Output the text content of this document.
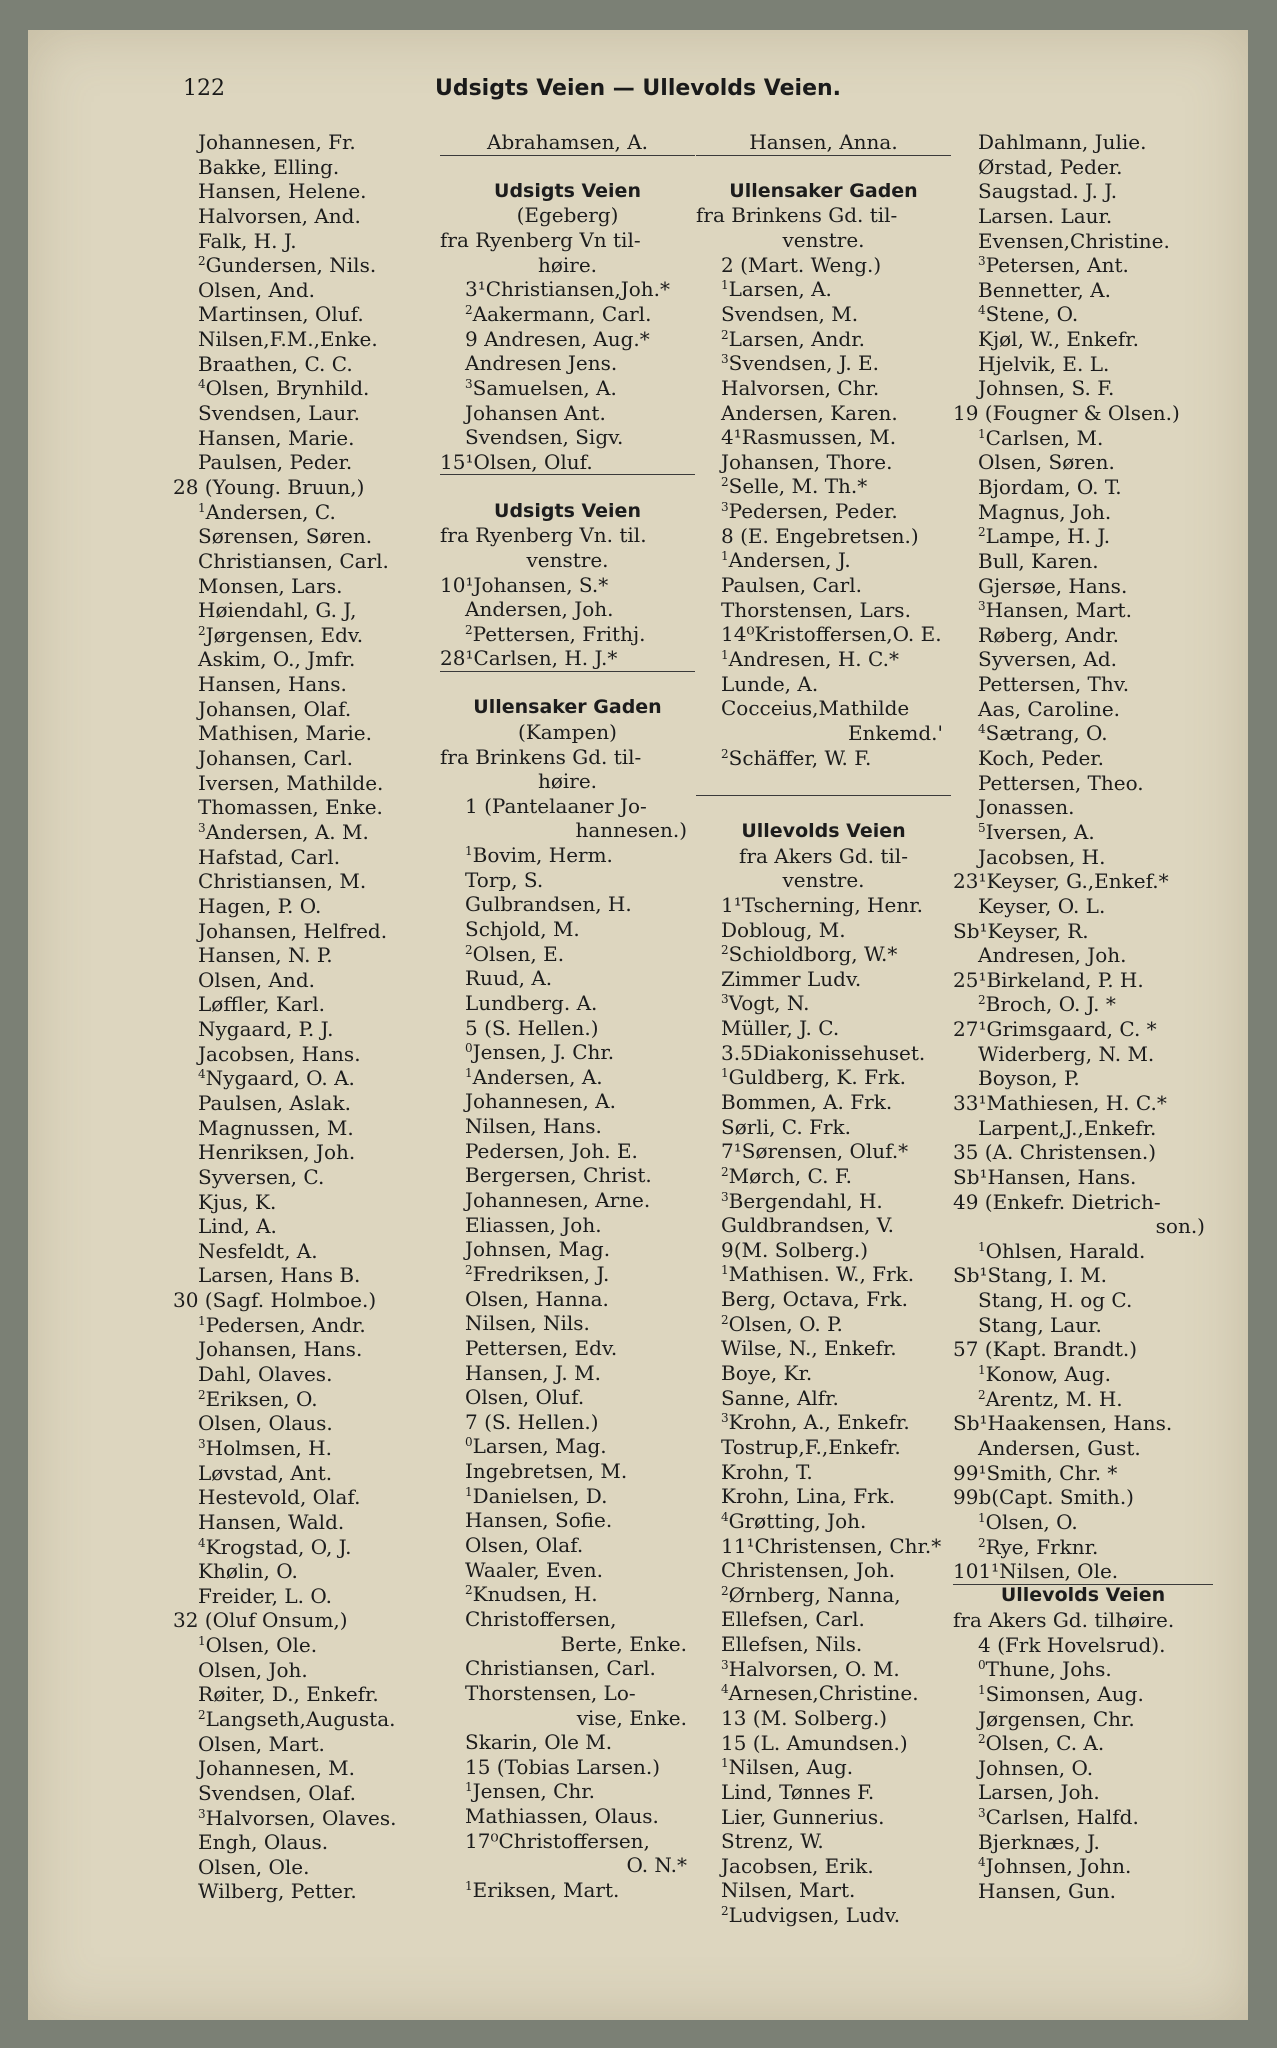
122	Udsigts Veien — Ullevolds Veien.
Johannesen, Fr.
Bakke, Elling.
Hansen, Helene.
Halvorsen, And.
Falk, H. J.
$^2$Gundersen, Nils.
Olsen, And.
Martinsen, Oluf.
Nilsen,F.M.,Enke.
Braathen, C. C.
$^4$Olsen, Brynhild.
Svendsen, Laur.
Hansen, Marie.
Paulsen, Peder.
28 (Young. Bruun,)
$^1$Andersen, C.
Sørensen, Søren.
Christiansen, Carl.
Monsen, Lars.
Høiendahl, G. J,
$^2$Jørgensen, Edv.
Askim, O., Jmfr.
Hansen, Hans.
Johansen, Olaf.
Mathisen, Marie.
Johansen, Carl.
Iversen, Mathilde.
Thomassen, Enke.
$^3$Andersen, A. M.
Hafstad, Carl.
Christiansen, M.
Hagen, P. O.
Johansen, Helfred.
Hansen, N. P.
Olsen, And.
Løffler, Karl.
Nygaard, P. J.
Jacobsen, Hans.
$^4$Nygaard, O. A.
Paulsen, Aslak.
Magnussen, M.
Henriksen, Joh.
Syversen, C.
Kjus, K.
Lind, A.
Nesfeldt, A.
Larsen, Hans B.
30 (Sagf. Holmboe.)
$^1$Pedersen, Andr.
Johansen, Hans.
Dahl, Olaves.
$^2$Eriksen, O.
Olsen, Olaus.
$^3$Holmsen, H.
Løvstad, Ant.
Hestevold, Olaf.
Hansen, Wald.
$^4$Krogstad, O, J.
Khølin, O.
Freider, L. O.
32 (Oluf Onsum,)
$^1$Olsen, Ole.
Olsen, Joh.
Røiter, D., Enkefr.
$^2$Langseth,Augusta.
Olsen, Mart.
Johannesen, M.
Svendsen, Olaf.
$^3$Halvorsen, Olaves.
Engh, Olaus.
Olsen, Ole.
Wilberg, Petter.
Abrahamsen, A.
Udsigts Veien
(Egeberg)
fra Ryenberg Vn til-
høire.
3¹Christiansen,Joh.*
$^2$Aakermann, Carl.
9 Andresen, Aug.*
Andresen Jens.
$^3$Samuelsen, A.
Johansen Ant.
Svendsen, Sigv.
15¹Olsen, Oluf.
Udsigts Veien
fra Ryenberg Vn. til.
venstre.
10¹Johansen, S.*
Andersen, Joh.
$^2$Pettersen, Frithj.
28¹Carlsen, H. J.*
Ullensaker Gaden
(Kampen)
fra Brinkens Gd. til-
høire.
1 (Pantelaaner Jo-
hannesen.)
$^1$Bovim, Herm.
Torp, S.
Gulbrandsen, H.
Schjold, M.
$^2$Olsen, E.
Ruud, A.
Lundberg. A.
5 (S. Hellen.)
$^0$Jensen, J. Chr.
$^1$Andersen, A.
Johannesen, A.
Nilsen, Hans.
Pedersen, Joh. E.
Bergersen, Christ.
Johannesen, Arne.
Eliassen, Joh.
Johnsen, Mag.
$^2$Fredriksen, J.
Olsen, Hanna.
Nilsen, Nils.
Pettersen, Edv.
Hansen, J. M.
Olsen, Oluf.
7 (S. Hellen.)
$^0$Larsen, Mag.
Ingebretsen, M.
$^1$Danielsen, D.
Hansen, Sofie.
Olsen, Olaf.
Waaler, Even.
$^2$Knudsen, H.
Christoffersen,
Berte, Enke.
Christiansen, Carl.
Thorstensen, Lo-
vise, Enke.
Skarin, Ole M.
15 (Tobias Larsen.)
$^1$Jensen, Chr.
Mathiassen, Olaus.
17⁰Christoffersen,
O. N.*
$^1$Eriksen, Mart.
Hansen, Anna.
Ullensaker Gaden
fra Brinkens Gd. til-
venstre.
2 (Mart. Weng.)
$^1$Larsen, A.
Svendsen, M.
$^2$Larsen, Andr.
$^3$Svendsen, J. E.
Halvorsen, Chr.
Andersen, Karen.
4¹Rasmussen, M.
Johansen, Thore.
$^2$Selle, M. Th.*
$^3$Pedersen, Peder.
8 (E. Engebretsen.)
$^1$Andersen, J.
Paulsen, Carl.
Thorstensen, Lars.
14⁰Kristoffersen,O. E.
$^1$Andresen, H. C.*
Lunde, A.
Cocceius,Mathilde
Enkemd.'
$^2$Schäffer, W. F.
Ullevolds Veien
fra Akers Gd. til-
venstre.
1¹Tscherning, Henr.
Dobloug, M.
$^2$Schioldborg, W.*
Zimmer Ludv.
$^3$Vogt, N.
Müller, J. C.
3.5Diakonissehuset.
$^1$Guldberg, K. Frk.
Bommen, A. Frk.
Sørli, C. Frk.
7¹Sørensen, Oluf.*
$^2$Mørch, C. F.
$^3$Bergendahl, H.
Guldbrandsen, V.
9(M. Solberg.)
$^1$Mathisen. W., Frk.
Berg, Octava, Frk.
$^2$Olsen, O. P.
Wilse, N., Enkefr.
Boye, Kr.
Sanne, Alfr.
$^3$Krohn, A., Enkefr.
Tostrup,F.,Enkefr.
Krohn, T.
Krohn, Lina, Frk.
$^4$Grøtting, Joh.
11¹Christensen, Chr.*
Christensen, Joh.
$^2$Ørnberg, Nanna,
Ellefsen, Carl.
Ellefsen, Nils.
$^3$Halvorsen, O. M.
$^4$Arnesen,Christine.
13 (M. Solberg.)
15 (L. Amundsen.)
$^1$Nilsen, Aug.
Lind, Tønnes F.
Lier, Gunnerius.
Strenz, W.
Jacobsen, Erik.
Nilsen, Mart.
$^2$Ludvigsen, Ludv.
Dahlmann, Julie.
Ørstad, Peder.
Saugstad. J. J.
Larsen. Laur.
Evensen,Christine.
$^3$Petersen, Ant.
Bennetter, A.
$^4$Stene, O.
Kjøl, W., Enkefr.
Hjelvik, E. L.
Johnsen, S. F.
19 (Fougner & Olsen.)
$^1$Carlsen, M.
Olsen, Søren.
Bjordam, O. T.
Magnus, Joh.
$^2$Lampe, H. J.
Bull, Karen.
Gjersøe, Hans.
$^3$Hansen, Mart.
Røberg, Andr.
Syversen, Ad.
Pettersen, Thv.
Aas, Caroline.
$^4$Sætrang, O.
Koch, Peder.
Pettersen, Theo.
Jonassen.
$^5$Iversen, A.
Jacobsen, H.
23¹Keyser, G.,Enkef.*
Keyser, O. L.
Sb¹Keyser, R.
Andresen, Joh.
25¹Birkeland, P. H.
$^2$Broch, O. J. *
27¹Grimsgaard, C. *
Widerberg, N. M.
Boyson, P.
33¹Mathiesen, H. C.*
Larpent,J.,Enkefr.
35 (A. Christensen.)
Sb¹Hansen, Hans.
49 (Enkefr. Dietrich-
son.)
$^1$Ohlsen, Harald.
Sb¹Stang, I. M.
Stang, H. og C.
Stang, Laur.
57 (Kapt. Brandt.)
$^1$Konow, Aug.
$^2$Arentz, M. H.
Sb¹Haakensen, Hans.
Andersen, Gust.
99¹Smith, Chr. *
99b(Capt. Smith.)
$^1$Olsen, O.
$^2$Rye, Frknr.
101¹Nilsen, Ole.
Ullevolds Veien
fra Akers Gd. tilhøire.
4 (Frk Hovelsrud).
$^0$Thune, Johs.
$^1$Simonsen, Aug.
Jørgensen, Chr.
$^2$Olsen, C. A.
Johnsen, O.
Larsen, Joh.
$^3$Carlsen, Halfd.
Bjerknæs, J.
$^4$Johnsen, John.
Hansen, Gun.
